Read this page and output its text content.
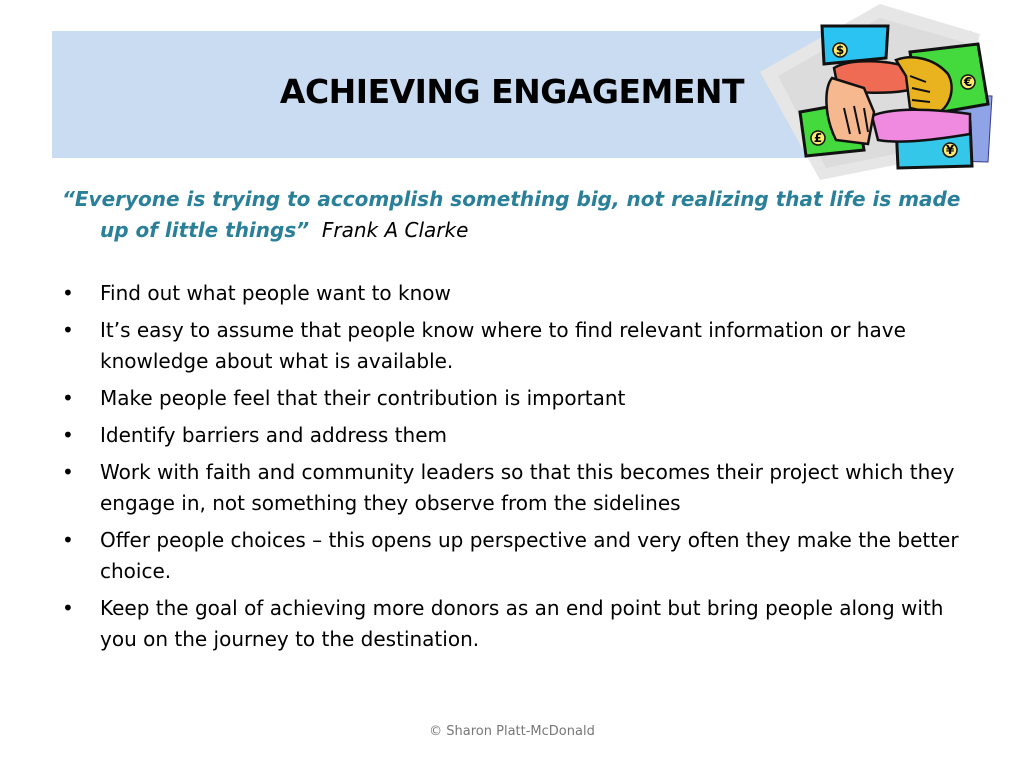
ACHIEVING ENGAGEMENT
$
€
¥
£

“Everyone is trying to accomplish something big, not realizing that life is made up of little things” Frank A Clarke

• Find out what people want to know
• It’s easy to assume that people know where to find relevant information or have knowledge about what is available.
• Make people feel that their contribution is important
• Identify barriers and address them
• Work with faith and community leaders so that this becomes their project which they engage in, not something they observe from the sidelines
• Offer people choices – this opens up perspective and very often they make the better choice.
• Keep the goal of achieving more donors as an end point but bring people along with you on the journey to the destination.
© Sharon Platt-McDonald
